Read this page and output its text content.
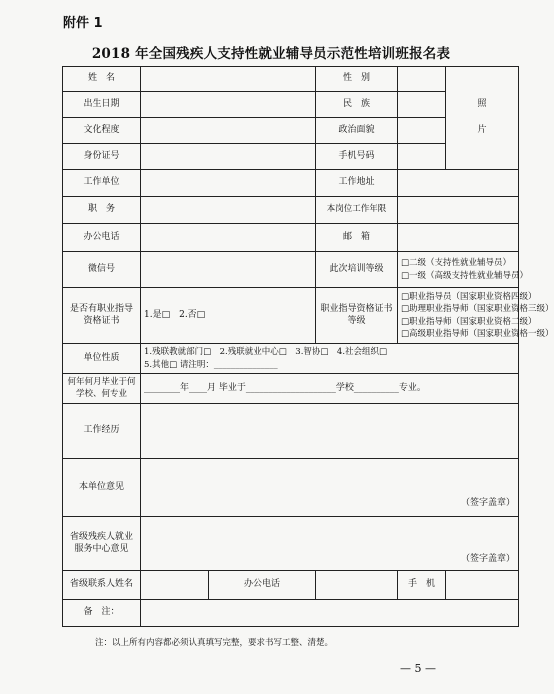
附件 1
2018 年全国残疾人支持性就业辅导员示范性培训班报名表
姓　名			性　别		照
片

出生日期			民　族		
文化程度			政治面貌		
身份证号			手机号码		
工作单位			工作地址		
职　务			本岗位工作年限		
办公电话			邮　箱		
微信号			此次培训等级	□二级（支持性就业辅导员）
□一级（高级支持性就业辅导员）	

是否有职业指导资格证书	1.是□　2.否□		职业指导资格证书等级	□职业指导员（国家职业资格四级）
□助理职业指导师（国家职业资格三级）
□职业指导师（国家职业资格二级）
□高级职业指导师（国家职业资格一级）	

单位性质	1.残联教就部门□　2.残联就业中心□　3.智协□　4.社会组织□
5.其他□ 请注明：_______________				

何年何月毕业于何学校、何专业	________年____月 毕业于____________________学校__________专业。				
工作经历					
本单位意见	（签字盖章）				
省级残疾人就业服务中心意见	（签字盖章）				
省级联系人姓名		办公电话		手　机	
备　注：					
注：以上所有内容都必须认真填写完整，要求书写工整、清楚。
— 5 —
